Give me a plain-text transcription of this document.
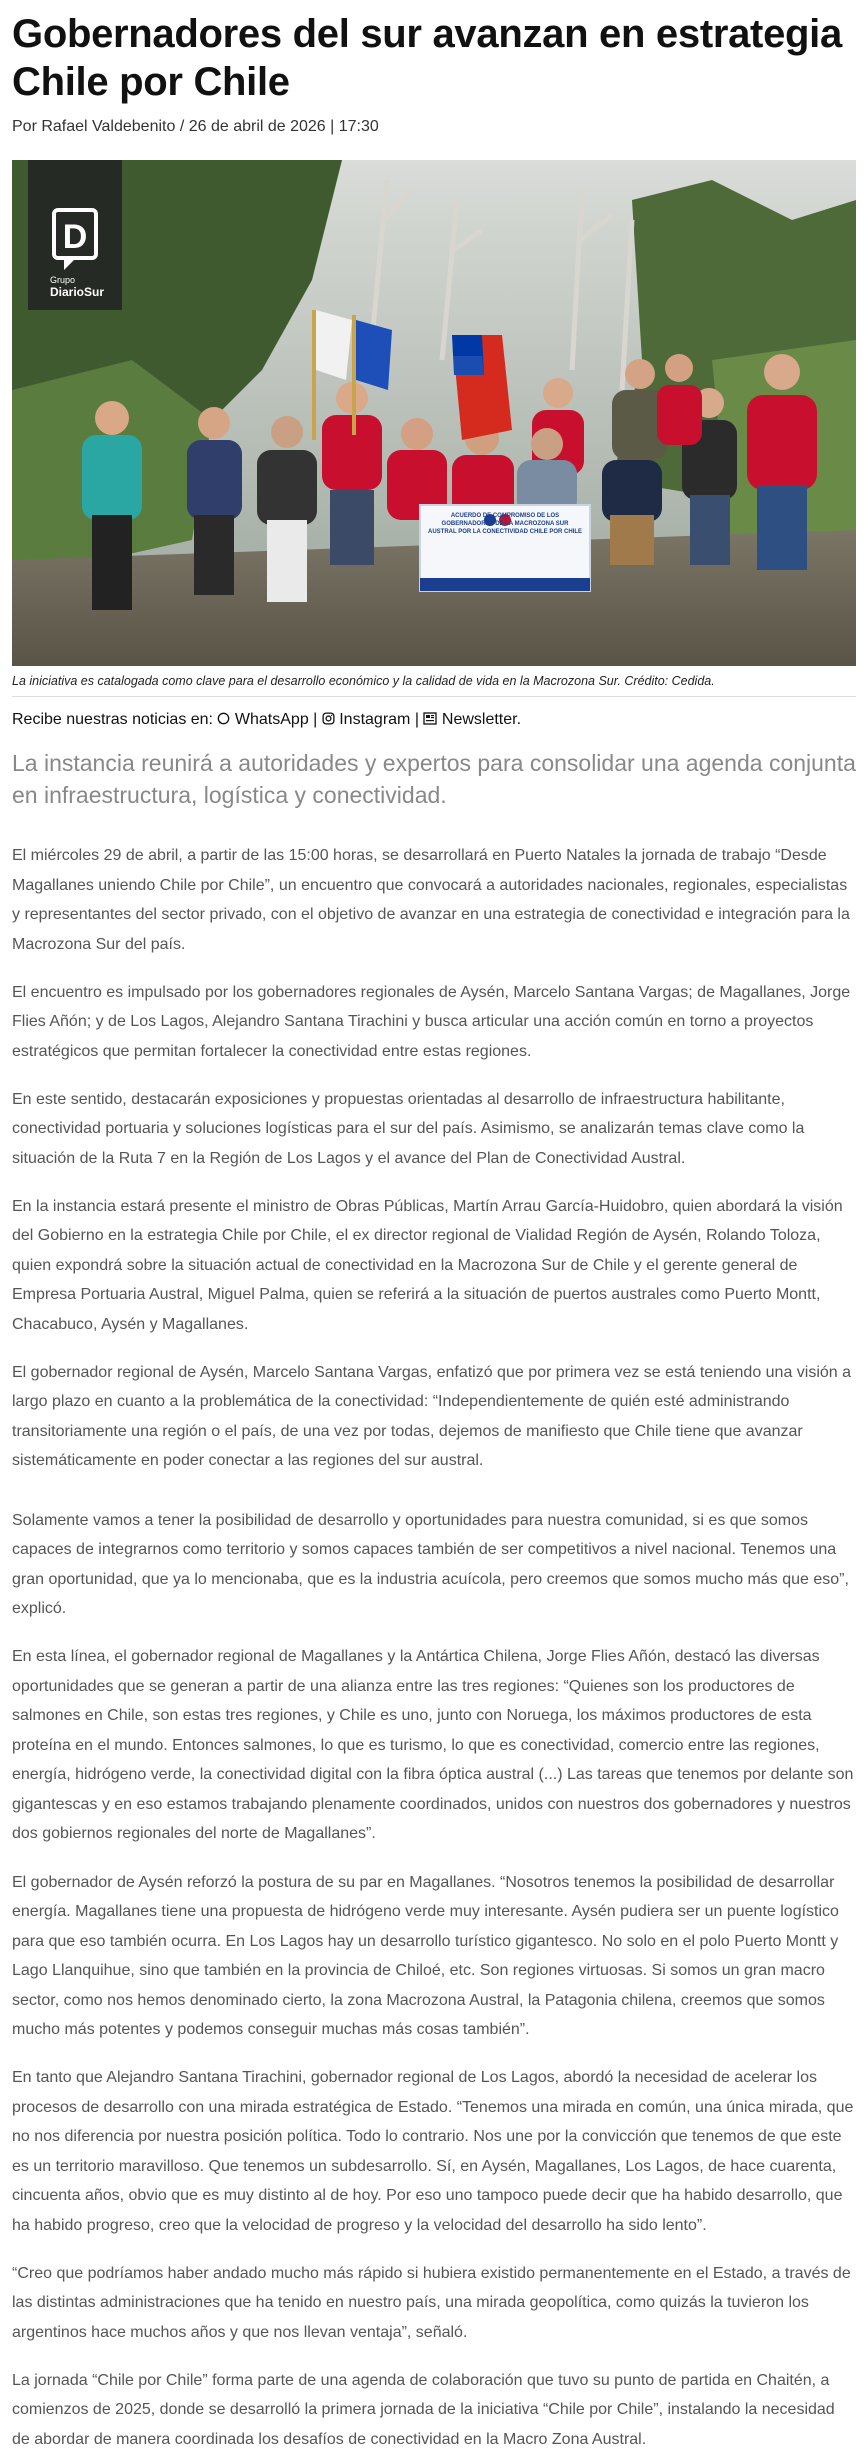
Gobernadores del sur avanzan en estrategia Chile por Chile
Por Rafael Valdebenito / 26 de abril de 2026 | 17:30
D
Grupo
DiarioSur
ACUERDO DE COMPROMISO DE LOS GOBERNADORES DE LA MACROZONA SUR AUSTRAL POR LA CONECTIVIDAD CHILE POR CHILE
La iniciativa es catalogada como clave para el desarrollo económico y la calidad de vida en la Macrozona Sur. Crédito: Cedida.
Recibe nuestras noticias en: WhatsApp | Instagram | Newsletter.
La instancia reunirá a autoridades y expertos para consolidar una agenda conjunta en infraestructura, logística y conectividad.

El miércoles 29 de abril, a partir de las 15:00 horas, se desarrollará en Puerto Natales la jornada de trabajo “Desde Magallanes uniendo Chile por Chile”, un encuentro que convocará a autoridades nacionales, regionales, especialistas y representantes del sector privado, con el objetivo de avanzar en una estrategia de conectividad e integración para la Macrozona Sur del país.

El encuentro es impulsado por los gobernadores regionales de Aysén, Marcelo Santana Vargas; de Magallanes, Jorge Flies Añón; y de Los Lagos, Alejandro Santana Tirachini y busca articular una acción común en torno a proyectos estratégicos que permitan fortalecer la conectividad entre estas regiones.

En este sentido, destacarán exposiciones y propuestas orientadas al desarrollo de infraestructura habilitante, conectividad portuaria y soluciones logísticas para el sur del país. Asimismo, se analizarán temas clave como la situación de la Ruta 7 en la Región de Los Lagos y el avance del Plan de Conectividad Austral.

En la instancia estará presente el ministro de Obras Públicas, Martín Arrau García-Huidobro, quien abordará la visión del Gobierno en la estrategia Chile por Chile, el ex director regional de Vialidad Región de Aysén, Rolando Toloza, quien expondrá sobre la situación actual de conectividad en la Macrozona Sur de Chile y el gerente general de Empresa Portuaria Austral, Miguel Palma, quien se referirá a la situación de puertos australes como Puerto Montt, Chacabuco, Aysén y Magallanes.

El gobernador regional de Aysén, Marcelo Santana Vargas, enfatizó que por primera vez se está teniendo una visión a largo plazo en cuanto a la problemática de la conectividad: “Independientemente de quién esté administrando transitoriamente una región o el país, de una vez por todas, dejemos de manifiesto que Chile tiene que avanzar sistemáticamente en poder conectar a las regiones del sur austral.

Solamente vamos a tener la posibilidad de desarrollo y oportunidades para nuestra comunidad, si es que somos capaces de integrarnos como territorio y somos capaces también de ser competitivos a nivel nacional. Tenemos una gran oportunidad, que ya lo mencionaba, que es la industria acuícola, pero creemos que somos mucho más que eso”, explicó.

En esta línea, el gobernador regional de Magallanes y la Antártica Chilena, Jorge Flies Añón, destacó las diversas oportunidades que se generan a partir de una alianza entre las tres regiones: “Quienes son los productores de salmones en Chile, son estas tres regiones, y Chile es uno, junto con Noruega, los máximos productores de esta proteína en el mundo. Entonces salmones, lo que es turismo, lo que es conectividad, comercio entre las regiones, energía, hidrógeno verde, la conectividad digital con la fibra óptica austral (...) Las tareas que tenemos por delante son gigantescas y en eso estamos trabajando plenamente coordinados, unidos con nuestros dos gobernadores y nuestros dos gobiernos regionales del norte de Magallanes”.

El gobernador de Aysén reforzó la postura de su par en Magallanes. “Nosotros tenemos la posibilidad de desarrollar energía. Magallanes tiene una propuesta de hidrógeno verde muy interesante. Aysén pudiera ser un puente logístico para que eso también ocurra. En Los Lagos hay un desarrollo turístico gigantesco. No solo en el polo Puerto Montt y Lago Llanquihue, sino que también en la provincia de Chiloé, etc. Son regiones virtuosas. Si somos un gran macro sector, como nos hemos denominado cierto, la zona Macrozona Austral, la Patagonia chilena, creemos que somos mucho más potentes y podemos conseguir muchas más cosas también”.

En tanto que Alejandro Santana Tirachini, gobernador regional de Los Lagos, abordó la necesidad de acelerar los procesos de desarrollo con una mirada estratégica de Estado. “Tenemos una mirada en común, una única mirada, que no nos diferencia por nuestra posición política. Todo lo contrario. Nos une por la convicción que tenemos de que este es un territorio maravilloso. Que tenemos un subdesarrollo. Sí, en Aysén, Magallanes, Los Lagos, de hace cuarenta, cincuenta años, obvio que es muy distinto al de hoy. Por eso uno tampoco puede decir que ha habido desarrollo, que ha habido progreso, creo que la velocidad de progreso y la velocidad del desarrollo ha sido lento”.

“Creo que podríamos haber andado mucho más rápido si hubiera existido permanentemente en el Estado, a través de las distintas administraciones que ha tenido en nuestro país, una mirada geopolítica, como quizás la tuvieron los argentinos hace muchos años y que nos llevan ventaja”, señaló.

La jornada “Chile por Chile” forma parte de una agenda de colaboración que tuvo su punto de partida en Chaitén, a comienzos de 2025, donde se desarrolló la primera jornada de la iniciativa “Chile por Chile”, instalando la necesidad de abordar de manera coordinada los desafíos de conectividad en la Macro Zona Austral.
